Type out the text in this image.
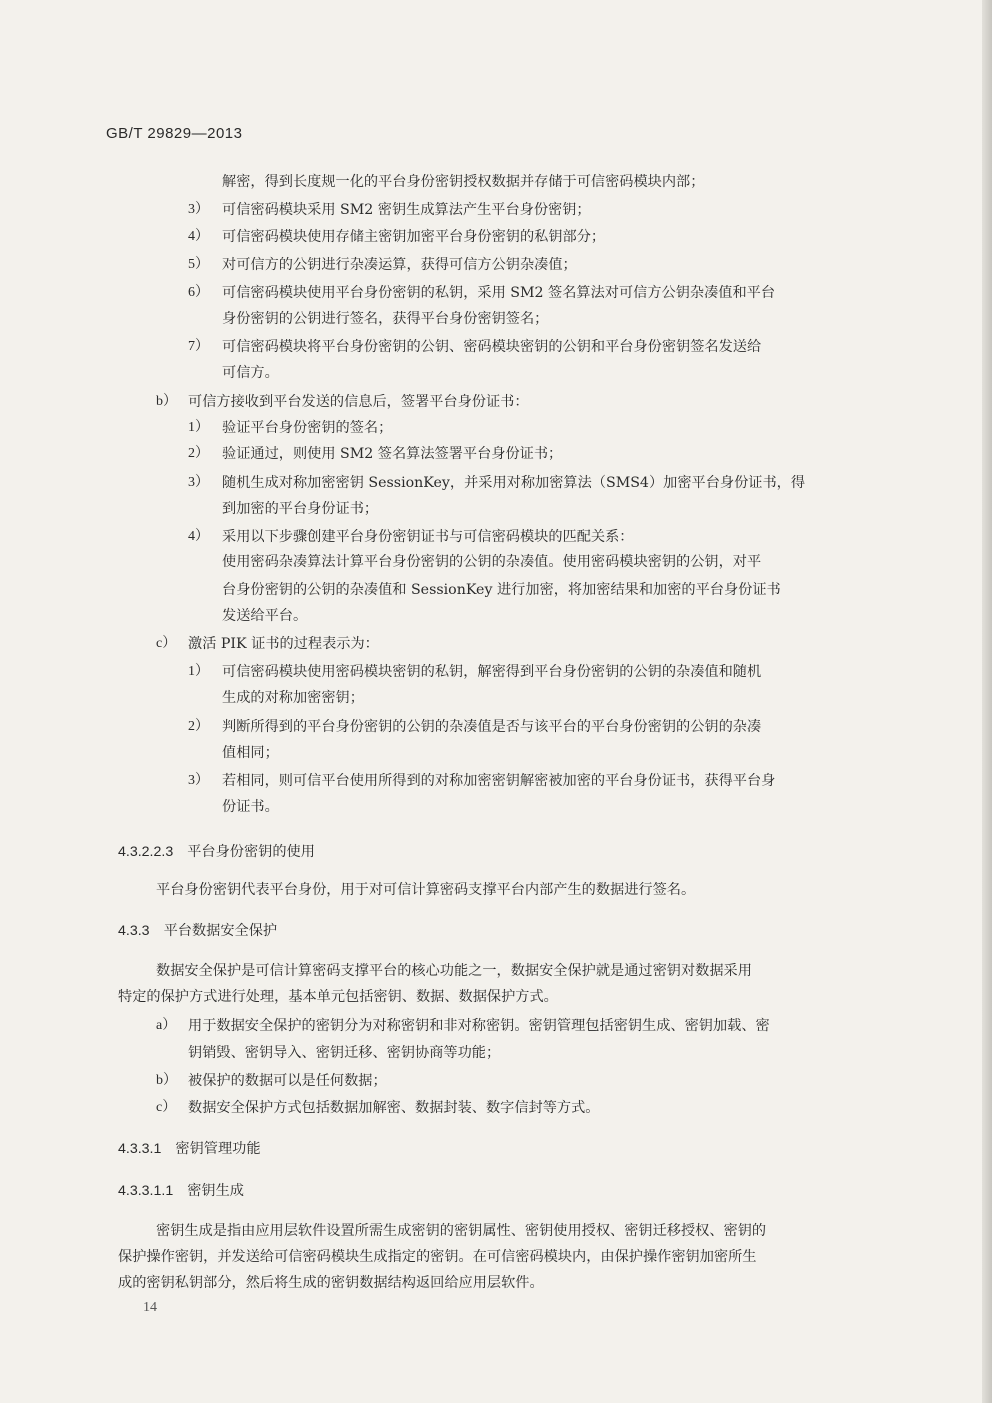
GB/T 29829—2013
解密，得到长度规一化的平台身份密钥授权数据并存储于可信密码模块内部；
3） 可信密码模块采用 SM2 密钥生成算法产生平台身份密钥；
4） 可信密码模块使用存储主密钥加密平台身份密钥的私钥部分；
5） 对可信方的公钥进行杂凑运算，获得可信方公钥杂凑值；
6） 可信密码模块使用平台身份密钥的私钥，采用 SM2 签名算法对可信方公钥杂凑值和平台
身份密钥的公钥进行签名，获得平台身份密钥签名；
7） 可信密码模块将平台身份密钥的公钥、密码模块密钥的公钥和平台身份密钥签名发送给
可信方。
b） 可信方接收到平台发送的信息后，签署平台身份证书：
1） 验证平台身份密钥的签名；
2） 验证通过，则使用 SM2 签名算法签署平台身份证书；
3） 随机生成对称加密密钥 SessionKey，并采用对称加密算法（SMS4）加密平台身份证书，得
到加密的平台身份证书；
4） 采用以下步骤创建平台身份密钥证书与可信密码模块的匹配关系：
使用密码杂凑算法计算平台身份密钥的公钥的杂凑值。使用密码模块密钥的公钥，对平
台身份密钥的公钥的杂凑值和 SessionKey 进行加密，将加密结果和加密的平台身份证书
发送给平台。
c） 激活 PIK 证书的过程表示为：
1） 可信密码模块使用密码模块密钥的私钥，解密得到平台身份密钥的公钥的杂凑值和随机
生成的对称加密密钥；
2） 判断所得到的平台身份密钥的公钥的杂凑值是否与该平台的平台身份密钥的公钥的杂凑
值相同；
3） 若相同，则可信平台使用所得到的对称加密密钥解密被加密的平台身份证书，获得平台身
份证书。
4.3.2.2.3 平台身份密钥的使用
平台身份密钥代表平台身份，用于对可信计算密码支撑平台内部产生的数据进行签名。
4.3.3 平台数据安全保护
数据安全保护是可信计算密码支撑平台的核心功能之一，数据安全保护就是通过密钥对数据采用
特定的保护方式进行处理，基本单元包括密钥、数据、数据保护方式。
a） 用于数据安全保护的密钥分为对称密钥和非对称密钥。密钥管理包括密钥生成、密钥加载、密
钥销毁、密钥导入、密钥迁移、密钥协商等功能；
b） 被保护的数据可以是任何数据；
c） 数据安全保护方式包括数据加解密、数据封装、数字信封等方式。
4.3.3.1 密钥管理功能
4.3.3.1.1 密钥生成
密钥生成是指由应用层软件设置所需生成密钥的密钥属性、密钥使用授权、密钥迁移授权、密钥的
保护操作密钥，并发送给可信密码模块生成指定的密钥。在可信密码模块内，由保护操作密钥加密所生
成的密钥私钥部分，然后将生成的密钥数据结构返回给应用层软件。
14
